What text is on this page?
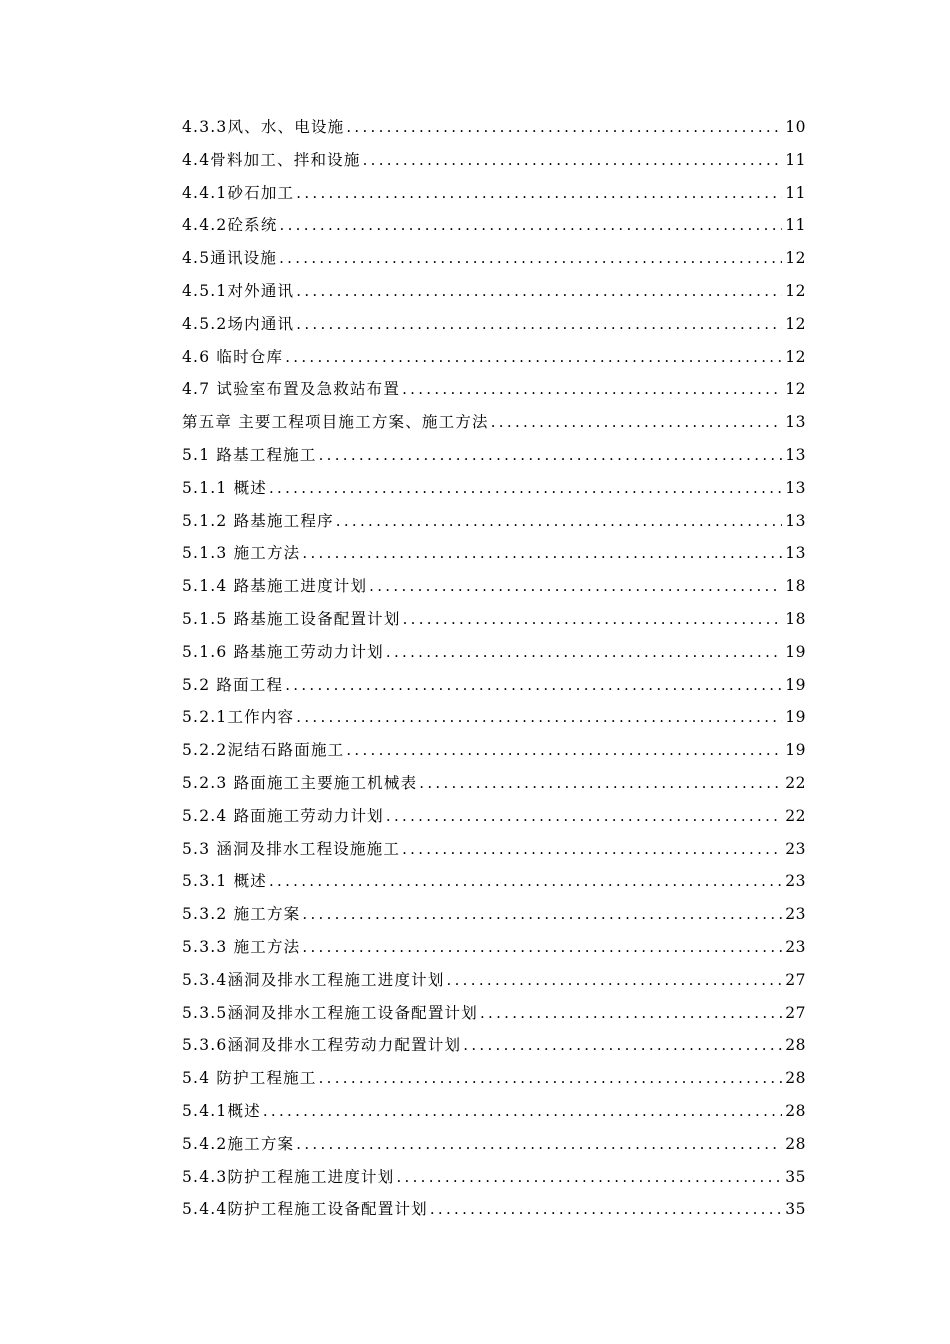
4.3.3风、水、电设施 .....	10
4.4骨料加工、拌和设施 .....	11
4.4.1砂石加工 .....	11
4.4.2砼系统 .....	11
4.5通讯设施 .....	12
4.5.1对外通讯 .....	12
4.5.2场内通讯 .....	12
4.6 临时仓库 .....	12
4.7 试验室布置及急救站布置 .....	12
第五章 主要工程项目施工方案、施工方法 .....	13
5.1 路基工程施工 .....	13
5.1.1 概述 .....	13
5.1.2 路基施工程序 .....	13
5.1.3 施工方法 .....	13
5.1.4 路基施工进度计划 .....	18
5.1.5 路基施工设备配置计划 .....	18
5.1.6 路基施工劳动力计划 .....	19
5.2 路面工程 .....	19
5.2.1工作内容 .....	19
5.2.2泥结石路面施工 .....	19
5.2.3 路面施工主要施工机械表 .....	22
5.2.4 路面施工劳动力计划 .....	22
5.3 涵洞及排水工程设施施工 .....	23
5.3.1 概述 .....	23
5.3.2 施工方案 .....	23
5.3.3 施工方法 .....	23
5.3.4涵洞及排水工程施工进度计划 .....	27
5.3.5涵洞及排水工程施工设备配置计划 .....	27
5.3.6涵洞及排水工程劳动力配置计划 .....	28
5.4 防护工程施工 .....	28
5.4.1概述 .....	28
5.4.2施工方案 .....	28
5.4.3防护工程施工进度计划 .....	35
5.4.4防护工程施工设备配置计划 .....	35
